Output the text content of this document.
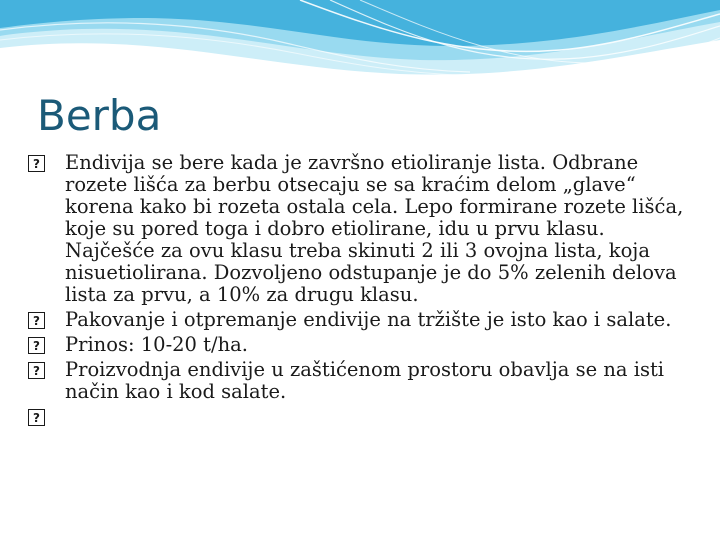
Berba
?
Endivija se bere kada je završno etioliranje lista. Odbrane rozete lišća za berbu otsecaju se sa kraćim delom „glave“ korena kako bi rozeta ostala cela. Lepo formirane rozete lišća, koje su pored toga i dobro etiolirane, idu u prvu klasu. Najčešće za ovu klasu treba skinuti 2 ili 3 ovojna lista, koja nisuetiolirana. Dozvoljeno odstupanje je do 5% zelenih delova lista za prvu, a 10% za drugu klasu.
?
Pakovanje i otpremanje endivije na tržište je isto kao i salate.
?
Prinos: 10-20 t/ha.
?
Proizvodnja endivije u zaštićenom prostoru obavlja se na isti način kao i kod salate.
?
